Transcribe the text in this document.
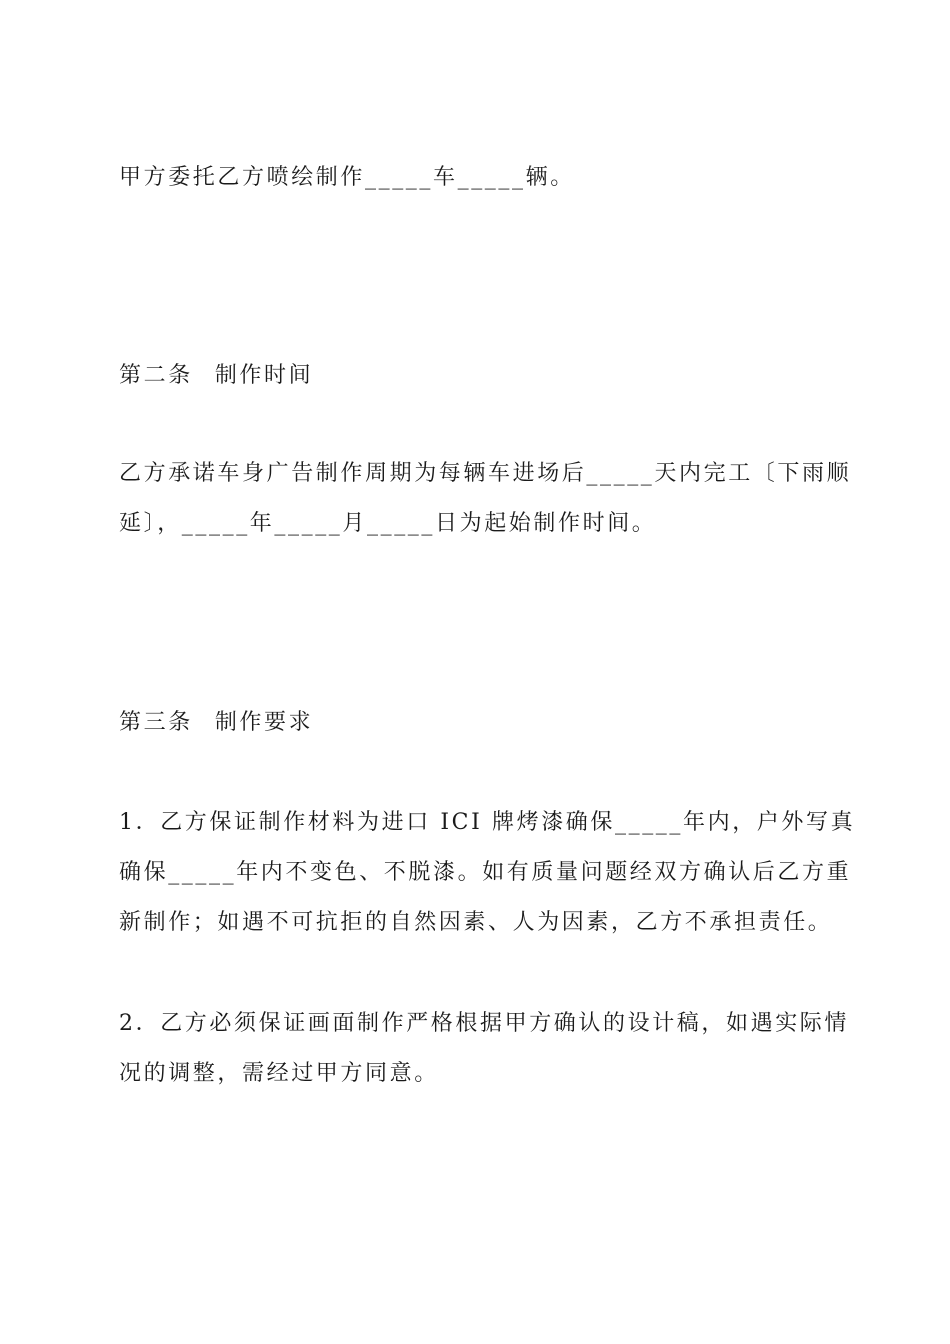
甲方委托乙方喷绘制作_____车_____辆。
第二条 制作时间
乙方承诺车身广告制作周期为每辆车进场后_____天内完工〔下雨顺
延〕，_____年_____月_____日为起始制作时间。
第三条 制作要求
1．乙方保证制作材料为进口 ICI 牌烤漆确保_____年内，户外写真
确保_____年内不变色、不脱漆。如有质量问题经双方确认后乙方重
新制作；如遇不可抗拒的自然因素、人为因素，乙方不承担责任。
2．乙方必须保证画面制作严格根据甲方确认的设计稿，如遇实际情
况的调整，需经过甲方同意。
